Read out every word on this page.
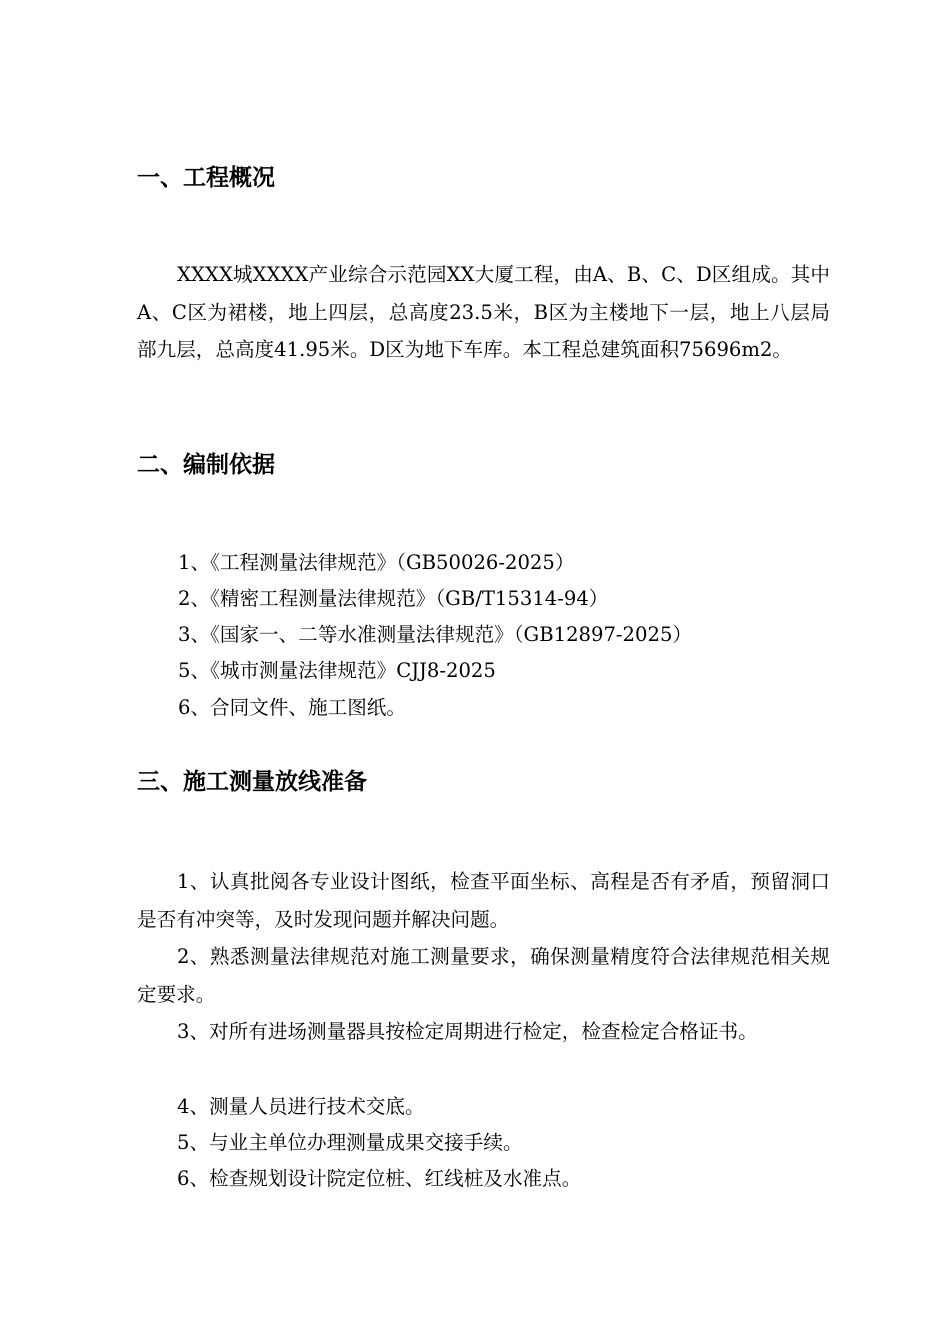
一、工程概况

XXXX城XXXX产业综合示范园XX大厦工程，由A、B、C、D区组成。其中A、C区为裙楼，地上四层，总高度23.5米，B区为主楼地下一层，地上八层局部九层，总高度41.95米。D区为地下车库。本工程总建筑面积75696m2。

二、编制依据

1、《工程测量法律规范》（GB50026-2025）

2、《精密工程测量法律规范》（GB/T15314-94）

3、《国家一、二等水准测量法律规范》（GB12897-2025）

5、《城市测量法律规范》CJJ8-2025

6、合同文件、施工图纸。

三、施工测量放线准备

1、认真批阅各专业设计图纸，检查平面坐标、高程是否有矛盾，预留洞口是否有冲突等，及时发现问题并解决问题。

2、熟悉测量法律规范对施工测量要求，确保测量精度符合法律规范相关规定要求。

3、对所有进场测量器具按检定周期进行检定，检查检定合格证书。

4、测量人员进行技术交底。

5、与业主单位办理测量成果交接手续。

6、检查规划设计院定位桩、红线桩及水准点。
